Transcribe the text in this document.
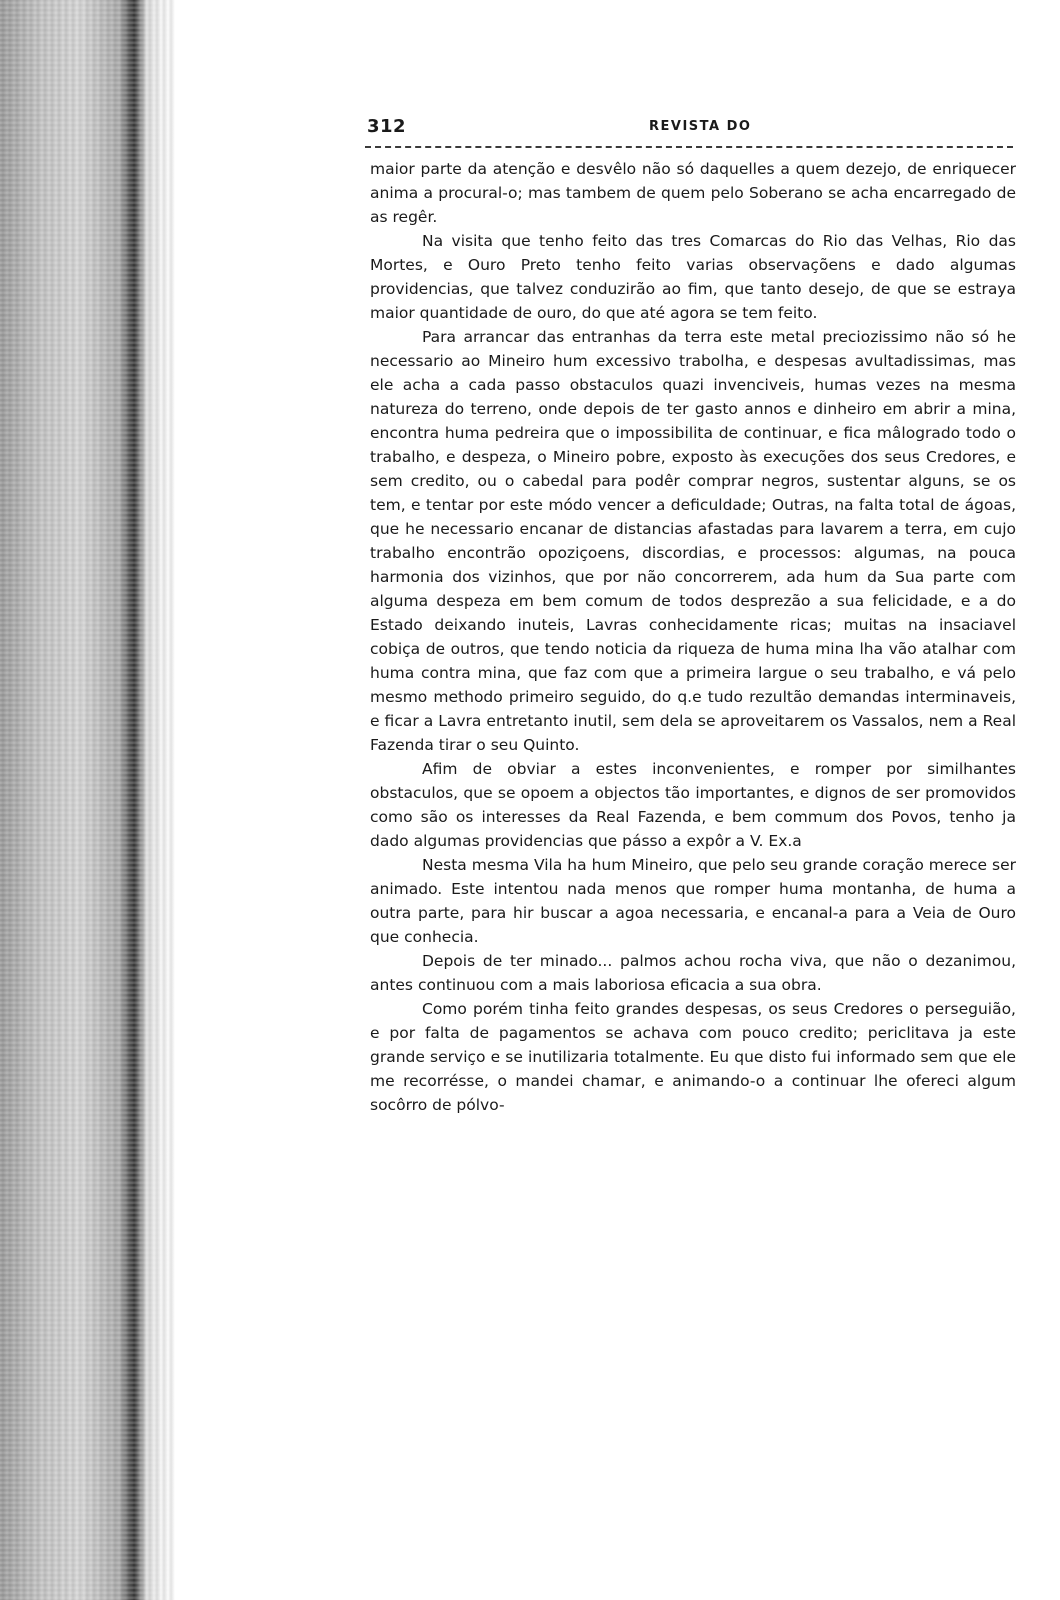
312	REVISTA DO

maior parte da atenção e desvêlo não só daquelles a quem dezejo, de enriquecer anima a procural-o; mas tambem de quem pelo Soberano se acha encarregado de as regêr.

Na visita que tenho feito das tres Comarcas do Rio das Velhas, Rio das Mortes, e Ouro Preto tenho feito varias observaçõens e dado algumas providencias, que talvez conduzirão ao fim, que tanto desejo, de que se estraya maior quantidade de ouro, do que até agora se tem feito.

Para arrancar das entranhas da terra este metal preciozissimo não só he necessario ao Mineiro hum excessivo trabolha, e despesas avultadissimas, mas ele acha a cada passo obstaculos quazi invenciveis, humas vezes na mesma natureza do terreno, onde depois de ter gasto annos e dinheiro em abrir a mina, encontra huma pedreira que o impossibilita de continuar, e fica mâlogrado todo o trabalho, e despeza, o Mineiro pobre, exposto às execuções dos seus Credores, e sem credito, ou o cabedal para podêr comprar negros, sustentar alguns, se os tem, e tentar por este módo vencer a deficuldade; Outras, na falta total de ágoas, que he necessario encanar de distancias afastadas para lavarem a terra, em cujo trabalho encontrão opoziçoens, discordias, e processos: algumas, na pouca harmonia dos vizinhos, que por não concorrerem, ada hum da Sua parte com alguma despeza em bem comum de todos desprezão a sua felicidade, e a do Estado deixando inuteis, Lavras conhecidamente ricas; muitas na insaciavel cobiça de outros, que tendo noticia da riqueza de huma mina lha vão atalhar com huma contra mina, que faz com que a primeira largue o seu trabalho, e vá pelo mesmo methodo primeiro seguido, do q.e tudo rezultão demandas interminaveis, e ficar a Lavra entretanto inutil, sem dela se aproveitarem os Vassalos, nem a Real Fazenda tirar o seu Quinto.

Afim de obviar a estes inconvenientes, e romper por similhantes obstaculos, que se opoem a objectos tão importantes, e dignos de ser promovidos como são os interesses da Real Fazenda, e bem commum dos Povos, tenho ja dado algumas providencias que pásso a expôr a V. Ex.a

Nesta mesma Vila ha hum Mineiro, que pelo seu grande coração merece ser animado. Este intentou nada menos que romper huma montanha, de huma a outra parte, para hir buscar a agoa necessaria, e encanal-a para a Veia de Ouro que conhecia.

Depois de ter minado... palmos achou rocha viva, que não o dezanimou, antes continuou com a mais laboriosa eficacia a sua obra.

Como porém tinha feito grandes despesas, os seus Credores o perseguião, e por falta de pagamentos se achava com pouco credito; periclitava ja este grande serviço e se inutilizaria totalmente. Eu que disto fui informado sem que ele me recorrésse, o mandei chamar, e animando-o a continuar lhe ofereci algum socôrro de pólvo-
